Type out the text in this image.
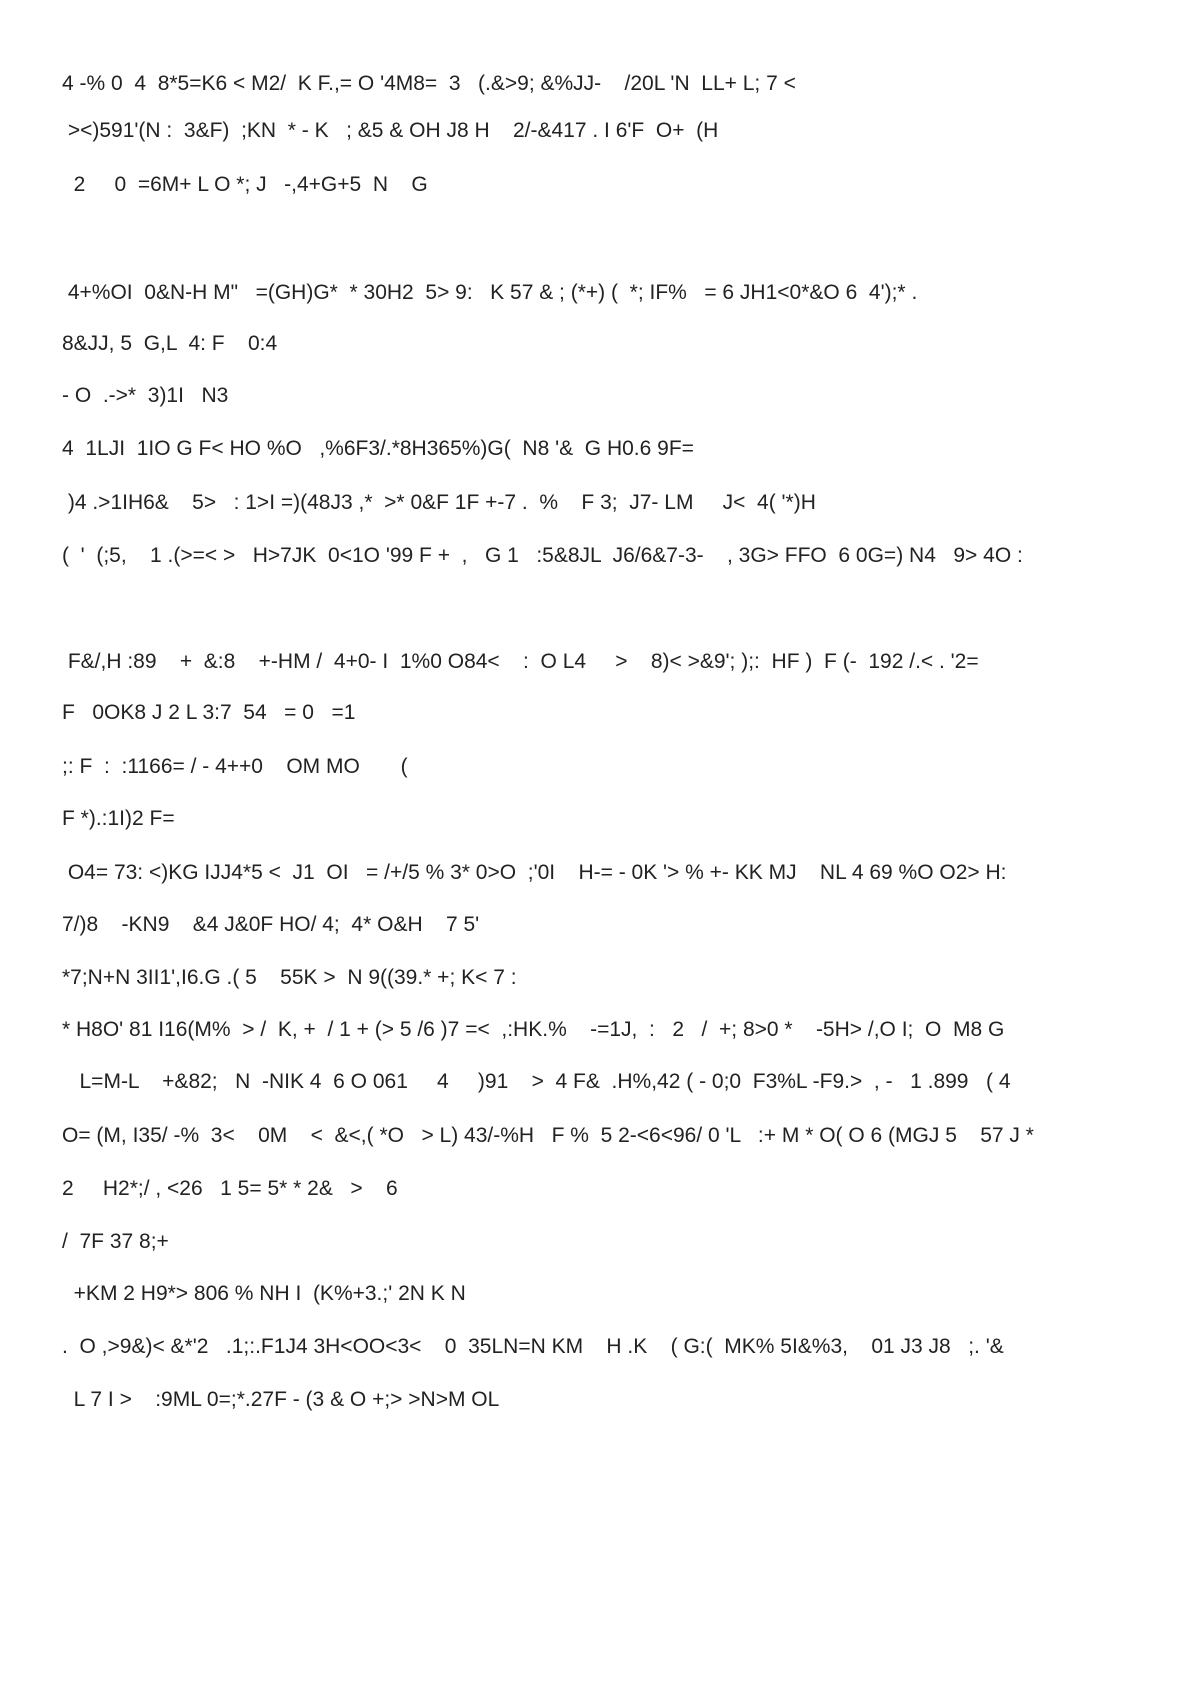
4 -% 0  4  8*5=K6 < M2/  K F.,= O '4M8=  3   (.&>9; &%JJ-    /20L 'N  LL+ L; 7 <
><)591'(N :  3&F)  ;KN  * - K   ; &5 & OH J8 H    2/-&417 . I 6'F  O+  (H
2     0  =6M+ L O *; J   -,4+G+5  N    G
4+%OI  0&N-H M"   =(GH)G*  * 30H2  5> 9:   K 57 & ; (*+) (  *; IF%   = 6 JH1<0*&O 6  4');* .
8&JJ, 5  G,L  4: F    0:4
- O  .->*  3)1I   N3
4  1LJI  1IO G F< HO %O   ,%6F3/.*8H365%)G(  N8 '&  G H0.6 9F=
)4 .>1IH6&    5>   : 1>I =)(48J3 ,*  >* 0&F 1F +-7 .  %    F 3;  J7- LM     J<  4( '*)H
(  '  (;5,    1 .(>=< >   H>7JK  0<1O '99 F +  ,   G 1   :5&8JL  J6/6&7-3-    , 3G> FFO  6 0G=) N4   9> 4O :
F&/,H :89    +  &:8    +-HM /  4+0- I  1%0 O84<    :  O L4     >    8)< >&9'; );:  HF )  F (-  192 /.< . '2=
F   0OK8 J 2 L 3:7  54   = 0   =1
;: F  :  :1166= / - 4++0    OM MO       (
F *).:1I)2 F=
O4= 73: <)KG IJJ4*5 <  J1  OI   = /+/5 % 3* 0>O  ;'0I    H-= - 0K '> % +- KK MJ    NL 4 69 %O O2> H:
7/)8    -KN9    &4 J&0F HO/ 4;  4* O&H    7 5'
*7;N+N 3II1',I6.G .( 5    55K >  N 9((39.* +; K< 7 :
* H8O' 81 I16(M%  > /  K, +  / 1 + (> 5 /6 )7 =<  ,:HK.%    -=1J,  :   2   /  +; 8>0 *    -5H> /,O I;  O  M8 G
L=M-L    +&82;   N  -NIK 4  6 O 061     4     )91    >  4 F&  .H%,42 ( - 0;0  F3%L -F9.>  , -   1 .899   ( 4
O= (M, I35/ -%  3<    0M    <  &<,( *O   > L) 43/-%H   F %  5 2-<6<96/ 0 'L   :+ M * O( O 6 (MGJ 5    57 J *
2     H2*;/ , <26   1 5= 5* * 2&   >    6
/  7F 37 8;+
+KM 2 H9*> 806 % NH I  (K%+3.;' 2N K N
.  O ,>9&)< &*'2   .1;:.F1J4 3H<OO<3<    0  35LN=N KM    H .K    ( G:(  MK% 5I&%3,    01 J3 J8   ;. '&
L 7 I >    :9ML 0=;*.27F - (3 & O +;> >N>M OL
